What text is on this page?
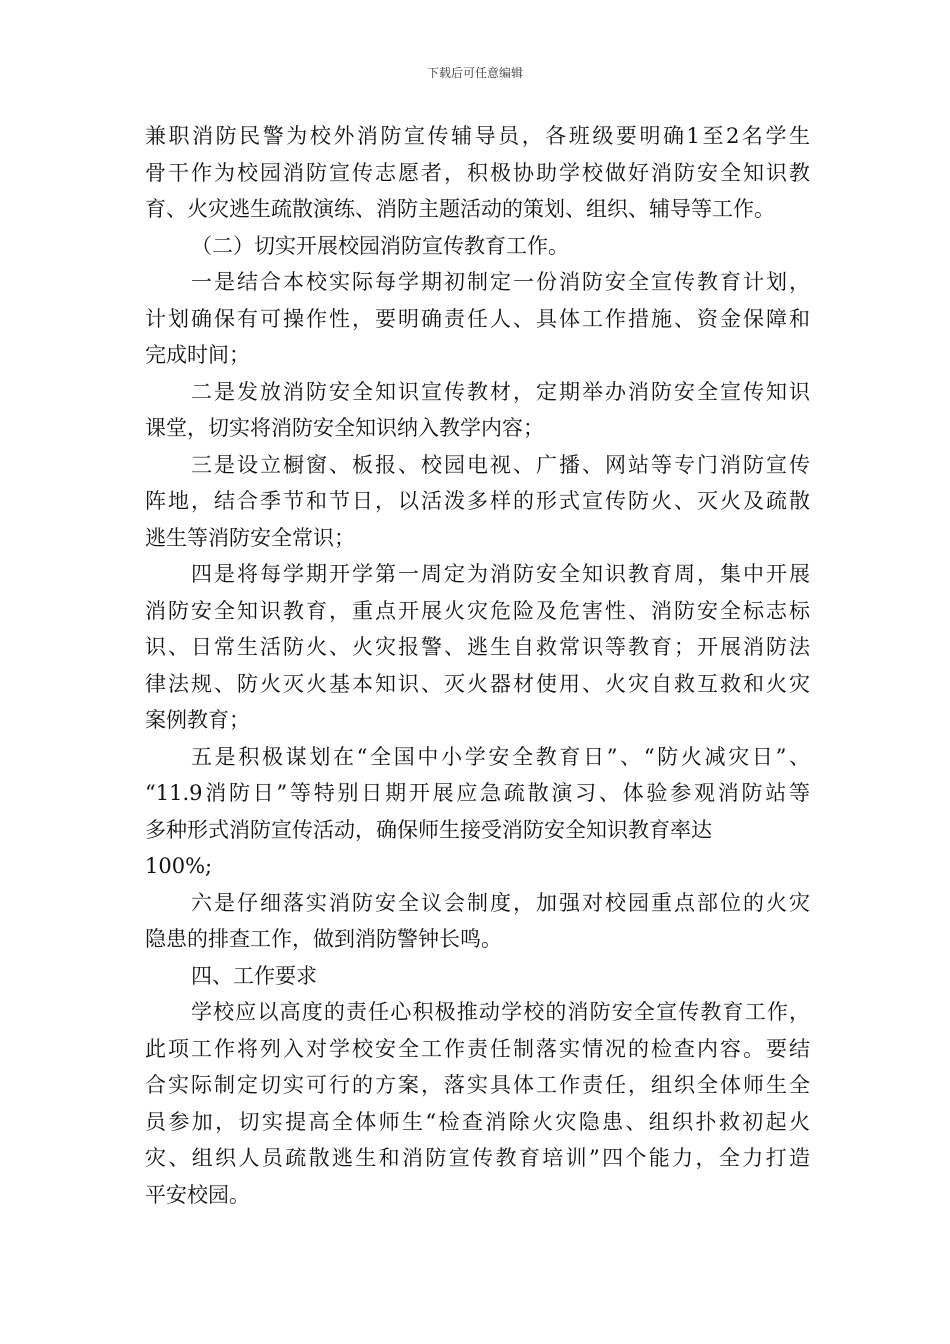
下载后可任意编辑
兼职消防民警为校外消防宣传辅导员，各班级要明确1至2名学生
骨干作为校园消防宣传志愿者，积极协助学校做好消防安全知识教
育、火灾逃生疏散演练、消防主题活动的策划、组织、辅导等工作。
（二）切实开展校园消防宣传教育工作。
一是结合本校实际每学期初制定一份消防安全宣传教育计划，
计划确保有可操作性，要明确责任人、具体工作措施、资金保障和
完成时间；
二是发放消防安全知识宣传教材，定期举办消防安全宣传知识
课堂，切实将消防安全知识纳入教学内容；
三是设立橱窗、板报、校园电视、广播、网站等专门消防宣传
阵地，结合季节和节日，以活泼多样的形式宣传防火、灭火及疏散
逃生等消防安全常识；
四是将每学期开学第一周定为消防安全知识教育周，集中开展
消防安全知识教育，重点开展火灾危险及危害性、消防安全标志标
识、日常生活防火、火灾报警、逃生自救常识等教育；开展消防法
律法规、防火灭火基本知识、灭火器材使用、火灾自救互救和火灾
案例教育；
五是积极谋划在“全国中小学安全教育日”、“防火减灾日”、
“11.9消防日”等特别日期开展应急疏散演习、体验参观消防站等
多种形式消防宣传活动，确保师生接受消防安全知识教育率达
100%;
六是仔细落实消防安全议会制度，加强对校园重点部位的火灾
隐患的排查工作，做到消防警钟长鸣。
四、工作要求
学校应以高度的责任心积极推动学校的消防安全宣传教育工作，
此项工作将列入对学校安全工作责任制落实情况的检查内容。要结
合实际制定切实可行的方案，落实具体工作责任，组织全体师生全
员参加，切实提高全体师生“检查消除火灾隐患、组织扑救初起火
灾、组织人员疏散逃生和消防宣传教育培训”四个能力，全力打造
平安校园。
